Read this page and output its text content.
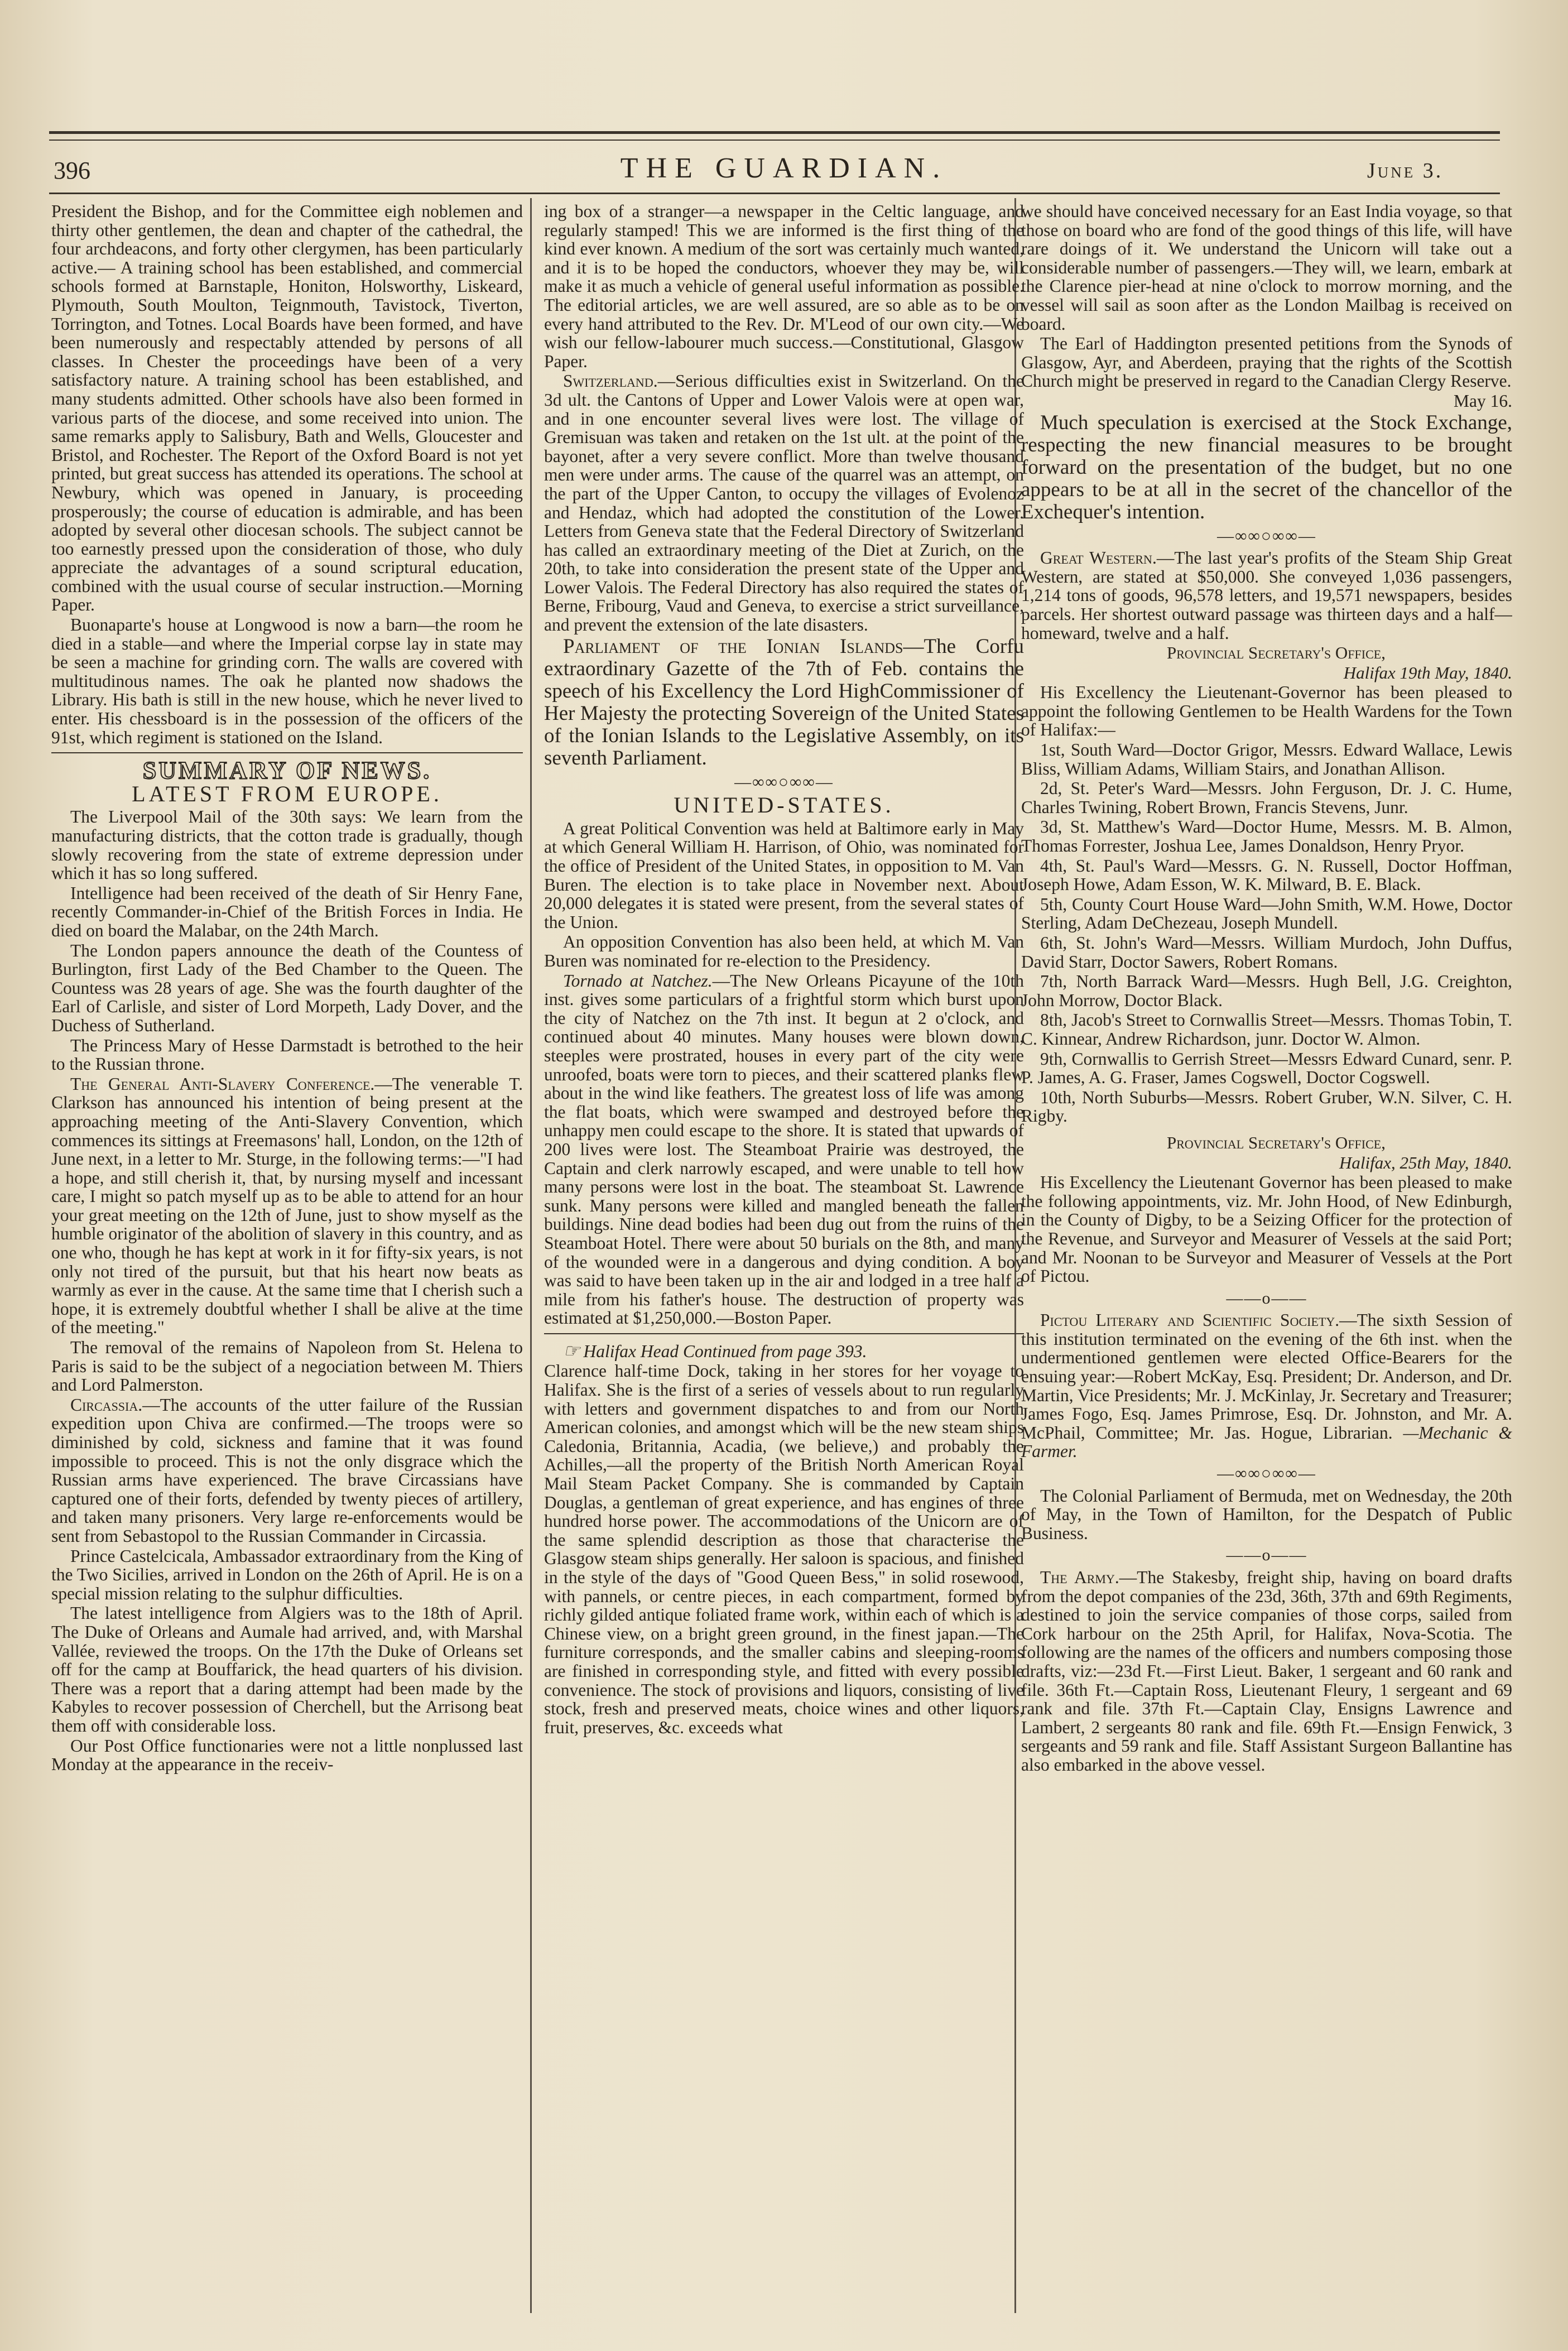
396	THE GUARDIAN.	June 3.

President the Bishop, and for the Committee eigh noblemen and thirty other gentlemen, the dean and chapter of the cathedral, the four archdeacons, and forty other clergymen, has been particularly active.— A training school has been established, and commercial schools formed at Barnstaple, Honiton, Holsworthy, Liskeard, Plymouth, South Moulton, Teignmouth, Tavistock, Tiverton, Torrington, and Totnes. Local Boards have been formed, and have been numerously and respectably attended by persons of all classes. In Chester the proceedings have been of a very satisfactory nature. A training school has been established, and many students admitted. Other schools have also been formed in various parts of the diocese, and some received into union. The same remarks apply to Salisbury, Bath and Wells, Gloucester and Bristol, and Rochester. The Report of the Oxford Board is not yet printed, but great success has attended its operations. The school at Newbury, which was opened in January, is proceeding prosperously; the course of education is admirable, and has been adopted by several other diocesan schools. The subject cannot be too earnestly pressed upon the consideration of those, who duly appreciate the advantages of a sound scriptural education, combined with the usual course of secular instruction.—Morning Paper.

Buonaparte's house at Longwood is now a barn—the room he died in a stable—and where the Imperial corpse lay in state may be seen a machine for grinding corn. The walls are covered with multitudinous names. The oak he planted now shadows the Library. His bath is still in the new house, which he never lived to enter. His chessboard is in the possession of the officers of the 91st, which regiment is stationed on the Island.

SUMMARY OF NEWS.
LATEST FROM EUROPE.

The Liverpool Mail of the 30th says: We learn from the manufacturing districts, that the cotton trade is gradually, though slowly recovering from the state of extreme depression under which it has so long suffered.

Intelligence had been received of the death of Sir Henry Fane, recently Commander-in-Chief of the British Forces in India. He died on board the Malabar, on the 24th March.

The London papers announce the death of the Countess of Burlington, first Lady of the Bed Chamber to the Queen. The Countess was 28 years of age. She was the fourth daughter of the Earl of Carlisle, and sister of Lord Morpeth, Lady Dover, and the Duchess of Sutherland.

The Princess Mary of Hesse Darmstadt is betrothed to the heir to the Russian throne.

The General Anti-Slavery Conference.—The venerable T. Clarkson has announced his intention of being present at the approaching meeting of the Anti-Slavery Convention, which commences its sittings at Freemasons' hall, London, on the 12th of June next, in a letter to Mr. Sturge, in the following terms:—"I had a hope, and still cherish it, that, by nursing myself and incessant care, I might so patch myself up as to be able to attend for an hour your great meeting on the 12th of June, just to show myself as the humble originator of the abolition of slavery in this country, and as one who, though he has kept at work in it for fifty-six years, is not only not tired of the pursuit, but that his heart now beats as warmly as ever in the cause. At the same time that I cherish such a hope, it is extremely doubtful whether I shall be alive at the time of the meeting."

The removal of the remains of Napoleon from St. Helena to Paris is said to be the subject of a negociation between M. Thiers and Lord Palmerston.

Circassia.—The accounts of the utter failure of the Russian expedition upon Chiva are confirmed.—The troops were so diminished by cold, sickness and famine that it was found impossible to proceed. This is not the only disgrace which the Russian arms have experienced. The brave Circassians have captured one of their forts, defended by twenty pieces of artillery, and taken many prisoners. Very large re-enforcements would be sent from Sebastopol to the Russian Commander in Circassia.

Prince Castelcicala, Ambassador extraordinary from the King of the Two Sicilies, arrived in London on the 26th of April. He is on a special mission relating to the sulphur difficulties.

The latest intelligence from Algiers was to the 18th of April. The Duke of Orleans and Aumale had arrived, and, with Marshal Vallée, reviewed the troops. On the 17th the Duke of Orleans set off for the camp at Bouffarick, the head quarters of his division. There was a report that a daring attempt had been made by the Kabyles to recover possession of Cherchell, but the Arrisong beat them off with considerable loss.

Our Post Office functionaries were not a little nonplussed last Monday at the appearance in the receiv-

ing box of a stranger—a newspaper in the Celtic language, and regularly stamped! This we are informed is the first thing of the kind ever known. A medium of the sort was certainly much wanted, and it is to be hoped the conductors, whoever they may be, will make it as much a vehicle of general useful information as possible. The editorial articles, we are well assured, are so able as to be on every hand attributed to the Rev. Dr. M'Leod of our own city.—We wish our fellow-labourer much success.—Constitutional, Glasgow Paper.

Switzerland.—Serious difficulties exist in Switzerland. On the 3d ult. the Cantons of Upper and Lower Valois were at open war, and in one encounter several lives were lost. The village of Gremisuan was taken and retaken on the 1st ult. at the point of the bayonet, after a very severe conflict. More than twelve thousand men were under arms. The cause of the quarrel was an attempt, on the part of the Upper Canton, to occupy the villages of Evolenoz and Hendaz, which had adopted the constitution of the Lower. Letters from Geneva state that the Federal Directory of Switzerland has called an extraordinary meeting of the Diet at Zurich, on the 20th, to take into consideration the present state of the Upper and Lower Valois. The Federal Directory has also required the states of Berne, Fribourg, Vaud and Geneva, to exercise a strict surveillance, and prevent the extension of the late disasters.

Parliament of the Ionian Islands—The Corfu extraordinary Gazette of the 7th of Feb. contains the speech of his Excellency the Lord HighCommissioner of Her Majesty the protecting Sovereign of the United States of the Ionian Islands to the Legislative Assembly, on its seventh Parliament.

—∞∞○∞∞—
UNITED-STATES.

A great Political Convention was held at Baltimore early in May at which General William H. Harrison, of Ohio, was nominated for the office of President of the United States, in opposition to M. Van Buren. The election is to take place in November next. About 20,000 delegates it is stated were present, from the several states of the Union.

An opposition Convention has also been held, at which M. Van Buren was nominated for re-election to the Presidency.

Tornado at Natchez.—The New Orleans Picayune of the 10th inst. gives some particulars of a frightful storm which burst upon the city of Natchez on the 7th inst. It begun at 2 o'clock, and continued about 40 minutes. Many houses were blown down, steeples were prostrated, houses in every part of the city were unroofed, boats were torn to pieces, and their scattered planks flew about in the wind like feathers. The greatest loss of life was among the flat boats, which were swamped and destroyed before the unhappy men could escape to the shore. It is stated that upwards of 200 lives were lost. The Steamboat Prairie was destroyed, the Captain and clerk narrowly escaped, and were unable to tell how many persons were lost in the boat. The steamboat St. Lawrence sunk. Many persons were killed and mangled beneath the fallen buildings. Nine dead bodies had been dug out from the ruins of the Steamboat Hotel. There were about 50 burials on the 8th, and many of the wounded were in a dangerous and dying condition. A boy was said to have been taken up in the air and lodged in a tree half a mile from his father's house. The destruction of property was estimated at $1,250,000.—Boston Paper.

☞ Halifax Head Continued from page 393.

Clarence half-time Dock, taking in her stores for her voyage to Halifax. She is the first of a series of vessels about to run regularly with letters and government dispatches to and from our North American colonies, and amongst which will be the new steam ships Caledonia, Britannia, Acadia, (we believe,) and probably the Achilles,—all the property of the British North American Royal Mail Steam Packet Company. She is commanded by Captain Douglas, a gentleman of great experience, and has engines of three hundred horse power. The accommodations of the Unicorn are of the same splendid description as those that characterise the Glasgow steam ships generally. Her saloon is spacious, and finished in the style of the days of "Good Queen Bess," in solid rosewood, with pannels, or centre pieces, in each compartment, formed by richly gilded antique foliated frame work, within each of which is a Chinese view, on a bright green ground, in the finest japan.—The furniture corresponds, and the smaller cabins and sleeping-rooms are finished in corresponding style, and fitted with every possible convenience. The stock of provisions and liquors, consisting of live stock, fresh and preserved meats, choice wines and other liquors, fruit, preserves, &c. exceeds what

we should have conceived necessary for an East India voyage, so that those on board who are fond of the good things of this life, will have rare doings of it. We understand the Unicorn will take out a considerable number of passengers.—They will, we learn, embark at the Clarence pier-head at nine o'clock to morrow morning, and the vessel will sail as soon after as the London Mailbag is received on board.

The Earl of Haddington presented petitions from the Synods of Glasgow, Ayr, and Aberdeen, praying that the rights of the Scottish Church might be preserved in regard to the Canadian Clergy Reserve.

May 16.

Much speculation is exercised at the Stock Exchange, respecting the new financial measures to be brought forward on the presentation of the budget, but no one appears to be at all in the secret of the chancellor of the Exchequer's intention.

—∞∞○∞∞—

Great Western.—The last year's profits of the Steam Ship Great Western, are stated at $50,000. She conveyed 1,036 passengers, 1,214 tons of goods, 96,578 letters, and 19,571 newspapers, besides parcels. Her shortest outward passage was thirteen days and a half—homeward, twelve and a half.

Provincial Secretary's Office,

Halifax 19th May, 1840.

His Excellency the Lieutenant-Governor has been pleased to appoint the following Gentlemen to be Health Wardens for the Town of Halifax:—

1st, South Ward—Doctor Grigor, Messrs. Edward Wallace, Lewis Bliss, William Adams, William Stairs, and Jonathan Allison.

2d, St. Peter's Ward—Messrs. John Ferguson, Dr. J. C. Hume, Charles Twining, Robert Brown, Francis Stevens, Junr.

3d, St. Matthew's Ward—Doctor Hume, Messrs. M. B. Almon, Thomas Forrester, Joshua Lee, James Donaldson, Henry Pryor.

4th, St. Paul's Ward—Messrs. G. N. Russell, Doctor Hoffman, Joseph Howe, Adam Esson, W. K. Milward, B. E. Black.

5th, County Court House Ward—John Smith, W.M. Howe, Doctor Sterling, Adam DeChezeau, Joseph Mundell.

6th, St. John's Ward—Messrs. William Murdoch, John Duffus, David Starr, Doctor Sawers, Robert Romans.

7th, North Barrack Ward—Messrs. Hugh Bell, J.G. Creighton, John Morrow, Doctor Black.

8th, Jacob's Street to Cornwallis Street—Messrs. Thomas Tobin, T. C. Kinnear, Andrew Richardson, junr. Doctor W. Almon.

9th, Cornwallis to Gerrish Street—Messrs Edward Cunard, senr. P. P. James, A. G. Fraser, James Cogswell, Doctor Cogswell.

10th, North Suburbs—Messrs. Robert Gruber, W.N. Silver, C. H. Rigby.

Provincial Secretary's Office,

Halifax, 25th May, 1840.

His Excellency the Lieutenant Governor has been pleased to make the following appointments, viz. Mr. John Hood, of New Edinburgh, in the County of Digby, to be a Seizing Officer for the protection of the Revenue, and Surveyor and Measurer of Vessels at the said Port; and Mr. Noonan to be Surveyor and Measurer of Vessels at the Port of Pictou.

——o——

Pictou Literary and Scientific Society.—The sixth Session of this institution terminated on the evening of the 6th inst. when the undermentioned gentlemen were elected Office-Bearers for the ensuing year:—Robert McKay, Esq. President; Dr. Anderson, and Dr. Martin, Vice Presidents; Mr. J. McKinlay, Jr. Secretary and Treasurer; James Fogo, Esq. James Primrose, Esq. Dr. Johnston, and Mr. A. McPhail, Committee; Mr. Jas. Hogue, Librarian. —Mechanic & Farmer.

—∞∞○∞∞—

The Colonial Parliament of Bermuda, met on Wednesday, the 20th of May, in the Town of Hamilton, for the Despatch of Public Business.

——o——

The Army.—The Stakesby, freight ship, having on board drafts from the depot companies of the 23d, 36th, 37th and 69th Regiments, destined to join the service companies of those corps, sailed from Cork harbour on the 25th April, for Halifax, Nova-Scotia. The following are the names of the officers and numbers composing those drafts, viz:—23d Ft.—First Lieut. Baker, 1 sergeant and 60 rank and file. 36th Ft.—Captain Ross, Lieutenant Fleury, 1 sergeant and 69 rank and file. 37th Ft.—Captain Clay, Ensigns Lawrence and Lambert, 2 sergeants 80 rank and file. 69th Ft.—Ensign Fenwick, 3 sergeants and 59 rank and file. Staff Assistant Surgeon Ballantine has also embarked in the above vessel.
